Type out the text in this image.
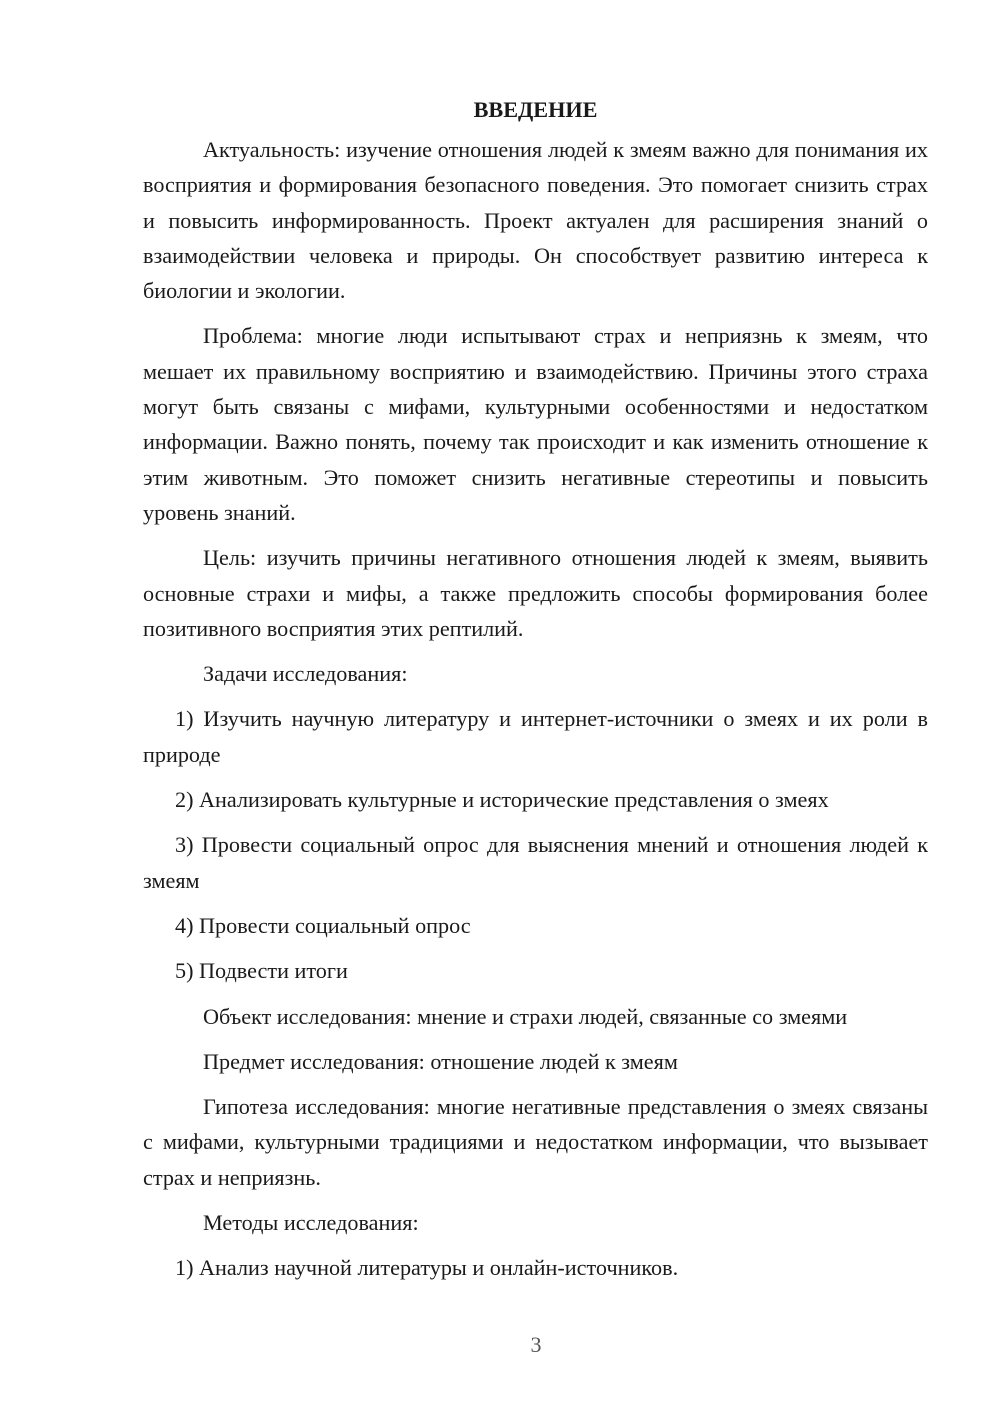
ВВЕДЕНИЕ

Актуальность: изучение отношения людей к змеям важно для понимания их восприятия и формирования безопасного поведения. Это помогает снизить страх и повысить информированность. Проект актуален для расширения знаний о взаимодействии человека и природы. Он способствует развитию интереса к биологии и экологии.

Проблема: многие люди испытывают страх и неприязнь к змеям, что мешает их правильному восприятию и взаимодействию. Причины этого страха могут быть связаны с мифами, культурными особенностями и недостатком информации. Важно понять, почему так происходит и как изменить отношение к этим животным. Это поможет снизить негативные стереотипы и повысить уровень знаний.

Цель: изучить причины негативного отношения людей к змеям, выявить основные страхи и мифы, а также предложить способы формирования более позитивного восприятия этих рептилий.

Задачи исследования:

1) Изучить научную литературу и интернет-источники о змеях и их роли в природе

2) Анализировать культурные и исторические представления о змеях

3) Провести социальный опрос для выяснения мнений и отношения людей к змеям

4) Провести социальный опрос

5) Подвести итоги

Объект исследования: мнение и страхи людей, связанные со змеями

Предмет исследования: отношение людей к змеям

Гипотеза исследования: многие негативные представления о змеях связаны с мифами, культурными традициями и недостатком информации, что вызывает страх и неприязнь.

Методы исследования:

1) Анализ научной литературы и онлайн-источников.

3
